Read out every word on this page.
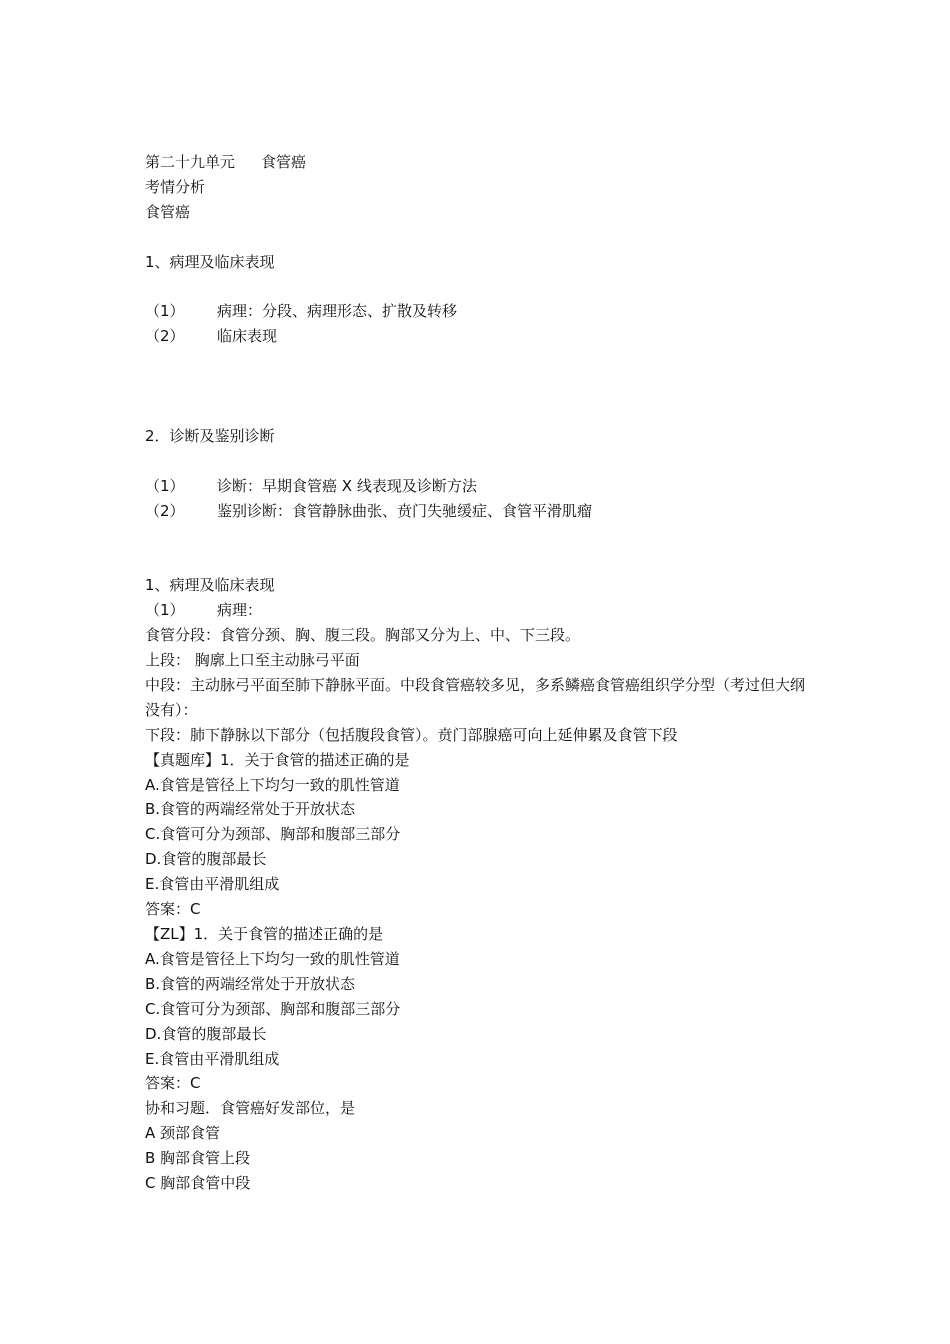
第二十九单元 食管癌

考情分析

食管癌

1、病理及临床表现

（1） 病理：分段、病理形态、扩散及转移

（2） 临床表现

2．诊断及鉴别诊断

（1） 诊断：早期食管癌 X 线表现及诊断方法

（2） 鉴别诊断：食管静脉曲张、贲门失驰缓症、食管平滑肌瘤

1、病理及临床表现

（1） 病理：

食管分段：食管分颈、胸、腹三段。胸部又分为上、中、下三段。

上段： 胸廓上口至主动脉弓平面

中段：主动脉弓平面至肺下静脉平面。中段食管癌较多见，多系鳞癌食管癌组织学分型（考过但大纲没有）：

下段：肺下静脉以下部分（包括腹段食管）。贲门部腺癌可向上延伸累及食管下段

【真题库】1．关于食管的描述正确的是

A.食管是管径上下均匀一致的肌性管道

B.食管的两端经常处于开放状态

C.食管可分为颈部、胸部和腹部三部分

D.食管的腹部最长

E.食管由平滑肌组成

答案：C

【ZL】1．关于食管的描述正确的是

A.食管是管径上下均匀一致的肌性管道

B.食管的两端经常处于开放状态

C.食管可分为颈部、胸部和腹部三部分

D.食管的腹部最长

E.食管由平滑肌组成

答案：C

协和习题．食管癌好发部位，是

A 颈部食管

B 胸部食管上段

C 胸部食管中段
